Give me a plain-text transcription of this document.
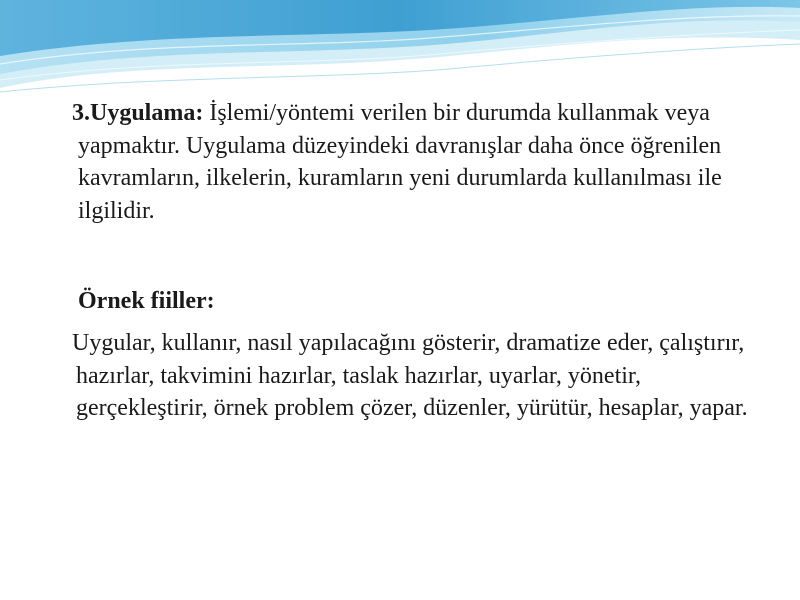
3.Uygulama: İşlemi/yöntemi verilen bir durumda kullanmak veya yapmaktır. Uygulama düzeyindeki davranışlar daha önce öğrenilen kavramların, ilkelerin, kuramların yeni durumlarda kullanılması ile ilgilidir.

Örnek fiiller:

Uygular, kullanır, nasıl yapılacağını gösterir, dramatize eder, çalıştırır, hazırlar, takvimini hazırlar, taslak hazırlar, uyarlar, yönetir, gerçekleştirir, örnek problem çözer, düzenler, yürütür, hesaplar, yapar.
